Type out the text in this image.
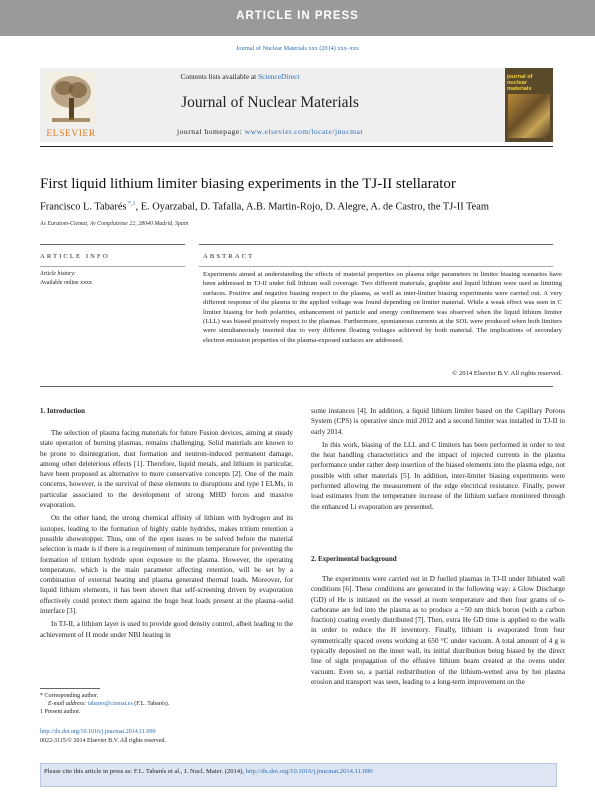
ARTICLE IN PRESS
Journal of Nuclear Materials xxx (2014) xxx–xxx
Contents lists available at ScienceDirect
Journal of Nuclear Materials
journal homepage: www.elsevier.com/locate/jnucmat
ELSEVIER
journal of nuclear materials
First liquid lithium limiter biasing experiments in the TJ-II stellarator
Francisco L. Tabarés $^{*,1}$, E. Oyarzabal, D. Tafalla, A.B. Martin-Rojo, D. Alegre, A. de Castro, the TJ-II Team
As Euratom-Ciemat, Av Complutense 22, 28040 Madrid, Spain
ARTICLE INFO	ABSTRACT
Article history:
Available online xxxx
Experiments aimed at understanding the effects of material properties on plasma edge parameters in limiter biasing scenarios have been addressed in TJ-II under full lithium wall coverage. Two different materials, graphite and liquid lithium were used as limiting surfaces. Positive and negative biasing respect to the plasma, as well as inter-limiter biasing experiments were carried out. A very different response of the plasma to the applied voltage was found depending on limiter material. While a weak effect was seen in C limiter biasing for both polarities, enhancement of particle and energy confinement was observed when the liquid lithium limiter (LLL) was biased positively respect to the plasmas. Furthermore, spontaneous currents at the SOL were produced when both limiters were simultaneously inserted due to very different floating voltages achieved by both material. The implications of secondary electron emission properties of the plasma-exposed surfaces are addressed.
© 2014 Elsevier B.V. All rights reserved.

1. Introduction

The selection of plasma facing materials for future Fusion devices, aiming at steady state operation of burning plasmas, remains challenging. Solid materials are known to be prone to disintegration, dust formation and neutron-induced permanent damage, among other deleterious effects [1]. Therefore, liquid metals, and lithium in particular, have been proposed as alternative to more conservative concepts [2]. One of the main concerns, however, is the survival of these elements to disruptions and type I ELMs, in particular associated to the development of strong MHD forces and massive evaporation.

On the other hand, the strong chemical affinity of lithium with hydrogen and its isotopes, leading to the formation of highly stable hydrides, makes tritium retention a possible showstopper. Thus, one of the open issues to be solved before the material selection is made is if there is a requirement of minimum temperature for preventing the formation of tritium hydride upon exposure to the plasma. However, the operating temperature, which is the main parameter affecting retention, will be set by a combination of external heating and plasma generated thermal loads. Moreover, for liquid lithium elements, it has been shown that self-screening driven by evaporation effectively could protect them against the huge heat loads present at the plasma–solid interface [3].

In TJ-II, a lithium layer is used to provide good density control, albeit leading to the achievement of H mode under NBI heating in

some instances [4]. In addition, a liquid lithium limiter based on the Capillary Porous System (CPS) is operative since mid 2012 and a second limiter was installed in TJ-II in early 2014.

In this work, biasing of the LLL and C limiters has been performed in order to test the heat handling characteristics and the impact of injected currents in the plasma performance under rather deep insertion of the biased elements into the plasma edge, not possible with other materials [5]. In addition, inter-limiter biasing experiments were performed allowing the measurement of the edge electrical resistance. Finally, power load estimates from the temperature increase of the lithium surface monitored through the enhanced Li evaporation are presented.

2. Experimental background

The experiments were carried out in D fuelled plasmas in TJ-II under lithiated wall conditions [6]. These conditions are generated in the following way: a Glow Discharge (GD) of He is initiated on the vessel at room temperature and then four grams of o-carborane are fed into the plasma as to produce a ~50 nm thick boron (with a carbon fraction) coating evenly distributed [7]. Then, extra He GD time is applied to the walls in order to reduce the H inventory. Finally, lithium is evaporated from four symmetrically spaced ovens working at 650 °C under vacuum. A total amount of 4 g is typically deposited on the inner wall, its initial distribution being biased by the direct line of sight propagation of the effusive lithium beam created at the ovens under vacuum. Even so, a partial redistribution of the lithium-wetted area by hot plasma erosion and transport was seen, leading to a long-term improvement on the

* Corresponding author.
E-mail address: tabares@ciemat.es (F.L. Tabarés).
1 Present author.
http://dx.doi.org/10.1016/j.jnucmat.2014.11.090
0022-3115/© 2014 Elsevier B.V. All rights reserved.
Please cite this article in press as: F.L. Tabarés et al., J. Nucl. Mater. (2014), http://dx.doi.org/10.1016/j.jnucmat.2014.11.090
